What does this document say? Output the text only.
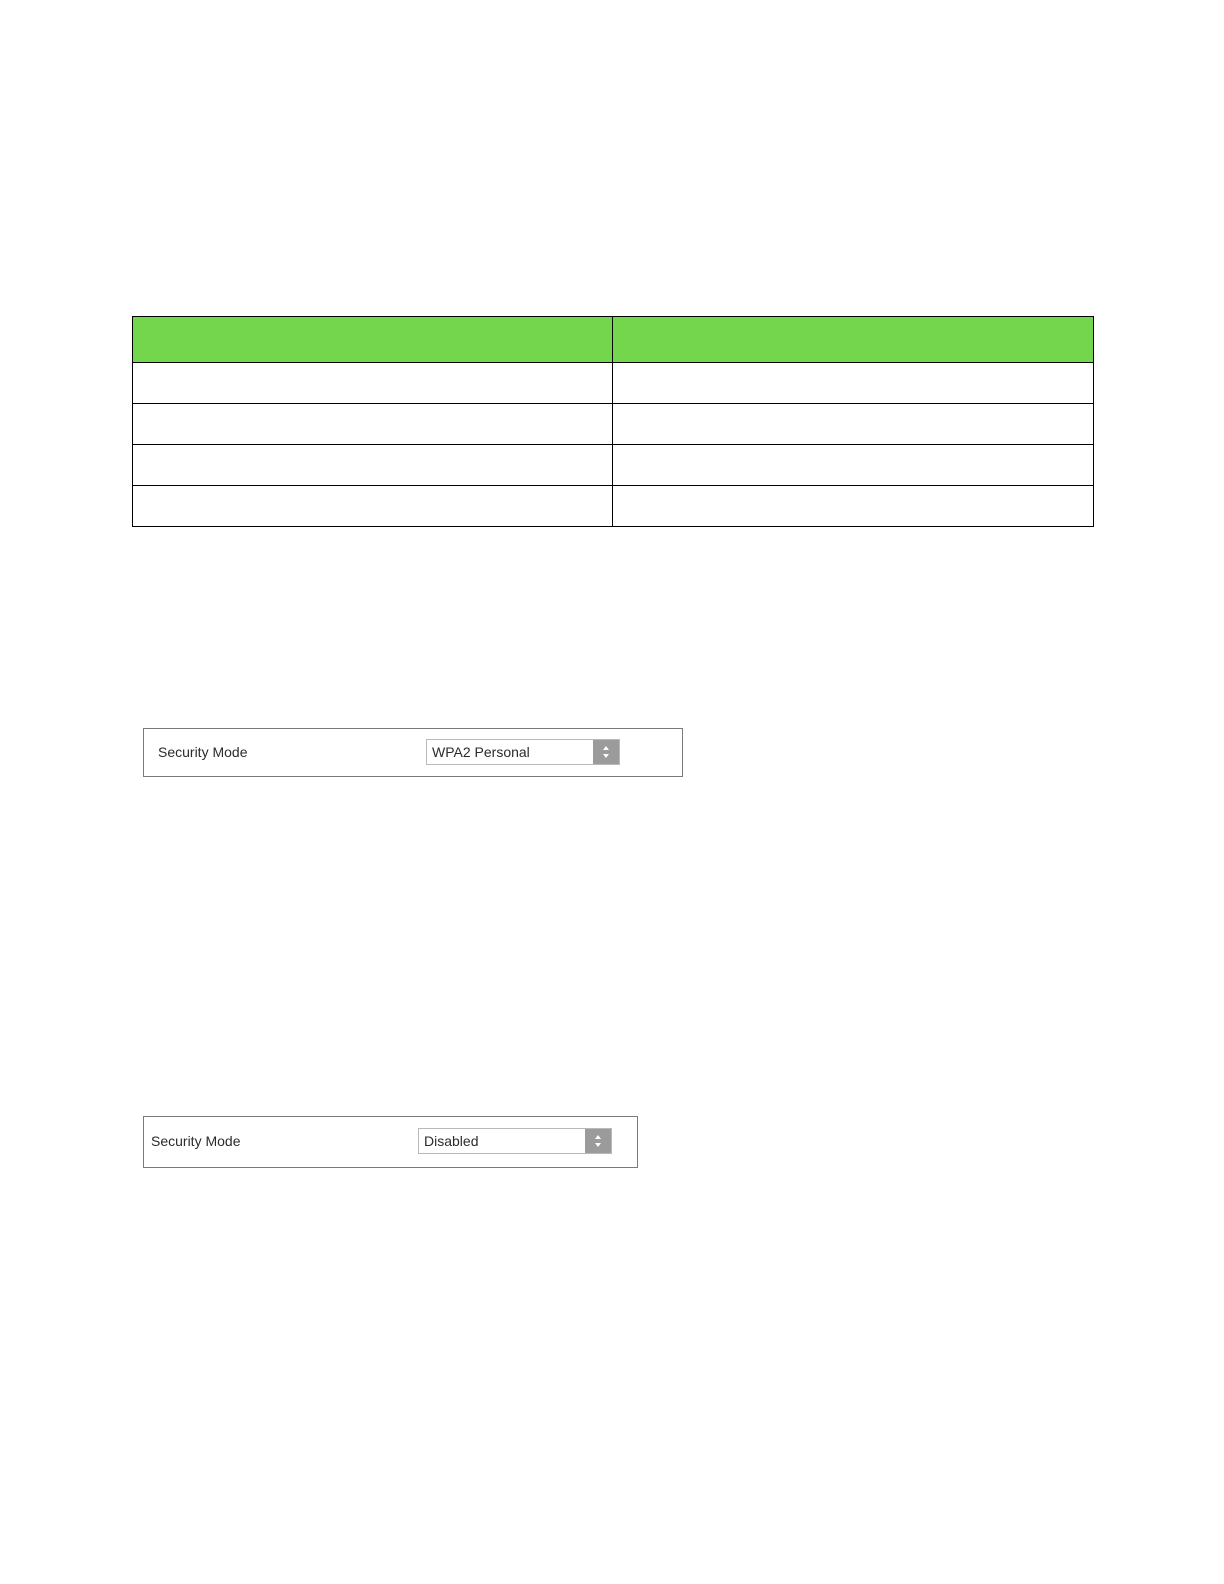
Security Mode	WPA2 Personal
Security Mode	Disabled
